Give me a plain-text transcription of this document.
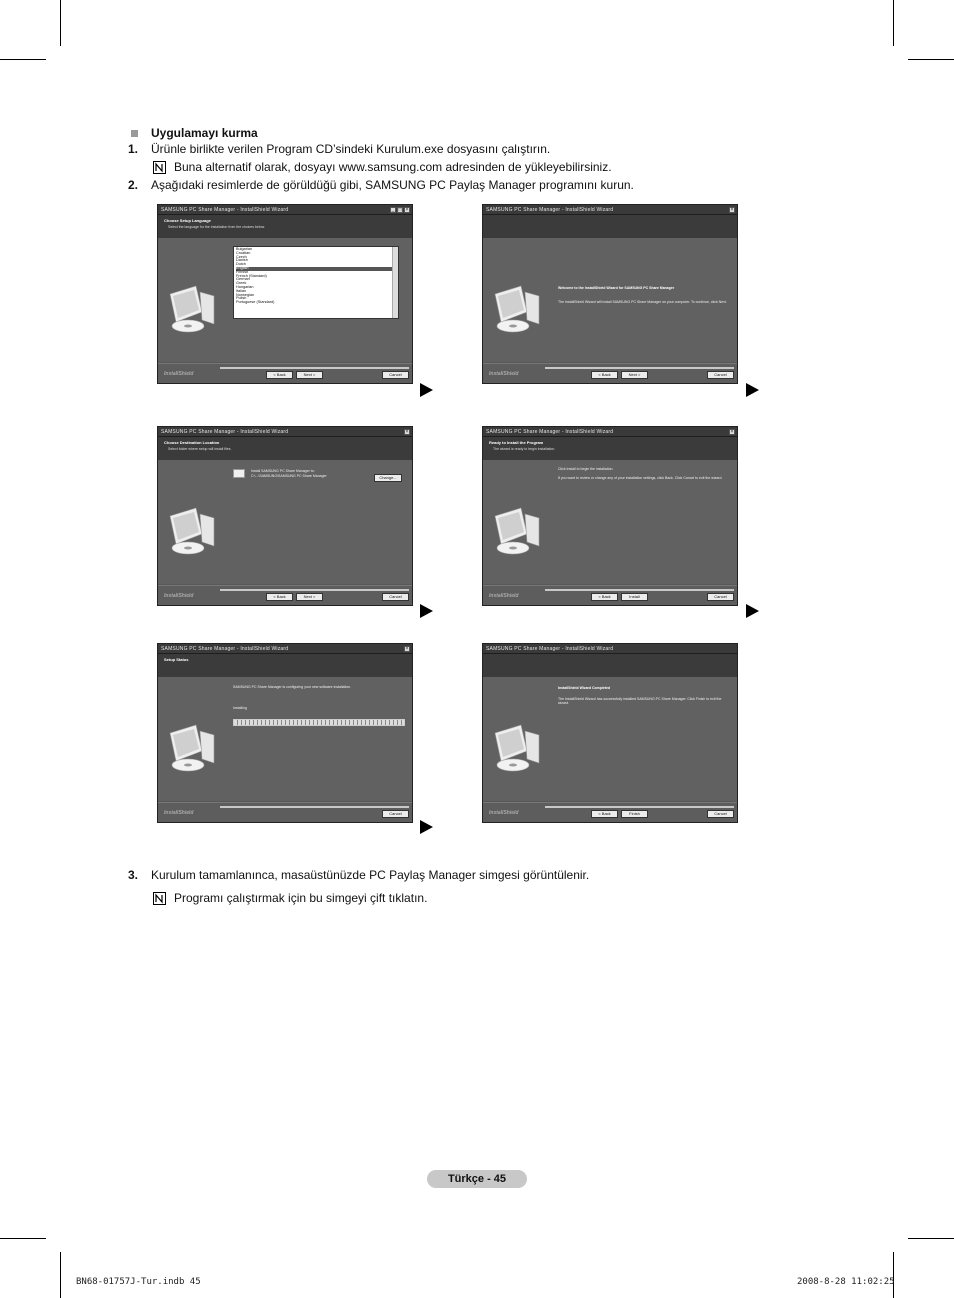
Uygulamayı kurma
1. Ürünle birlikte verilen Program CD’sindeki Kurulum.exe dosyasını çalıştırın.
Buna alternatif olarak, dosyayı www.samsung.com adresinden de yükleyebilirsiniz.
2. Aşağıdaki resimlerde de görüldüğü gibi, SAMSUNG PC Paylaş Manager programını kurun.
SAMSUNG PC Share Manager - InstallShield Wizard	_ □ ×
Choose Setup Language
Select the language for the installation from the choices below.
Bulgarian
Croatian
Czech
Danish
Dutch
English
Finnish
French (Standard)
German
Greek
Hungarian
Italian
Norwegian
Polish
Portuguese (Standard)
InstallShield	< Back	Next >	Cancel
SAMSUNG PC Share Manager - InstallShield Wizard	×
Welcome to the InstallShield Wizard for SAMSUNG PC Share Manager
The InstallShield Wizard will install SAMSUNG PC Share Manager on your computer. To continue, click Next.
InstallShield	< Back	Next >	Cancel
SAMSUNG PC Share Manager - InstallShield Wizard	×
Choose Destination Location
Select folder where setup will install files.
Install SAMSUNG PC Share Manager to:
C:\...\SAMSUNG\SAMSUNG PC Share Manager	Change...
InstallShield	< Back	Next >	Cancel
SAMSUNG PC Share Manager - InstallShield Wizard	×
Ready to Install the Program
The wizard is ready to begin installation.
Click Install to begin the installation.
If you want to review or change any of your installation settings, click Back. Click Cancel to exit the wizard.
InstallShield	< Back	Install	Cancel
SAMSUNG PC Share Manager - InstallShield Wizard	×
Setup Status
SAMSUNG PC Share Manager is configuring your new software installation.
Installing
InstallShield	Cancel
SAMSUNG PC Share Manager - InstallShield Wizard
InstallShield Wizard Completed
The InstallShield Wizard has successfully installed SAMSUNG PC Share Manager. Click Finish to exit the wizard.
InstallShield	< Back	Finish	Cancel
3. Kurulum tamamlanınca, masaüstünüzde PC Paylaş Manager simgesi görüntülenir.
Programı çalıştırmak için bu simgeyi çift tıklatın.
Türkçe - 45
BN68-01757J-Tur.indb 45	2008-8-28 11:02:25
